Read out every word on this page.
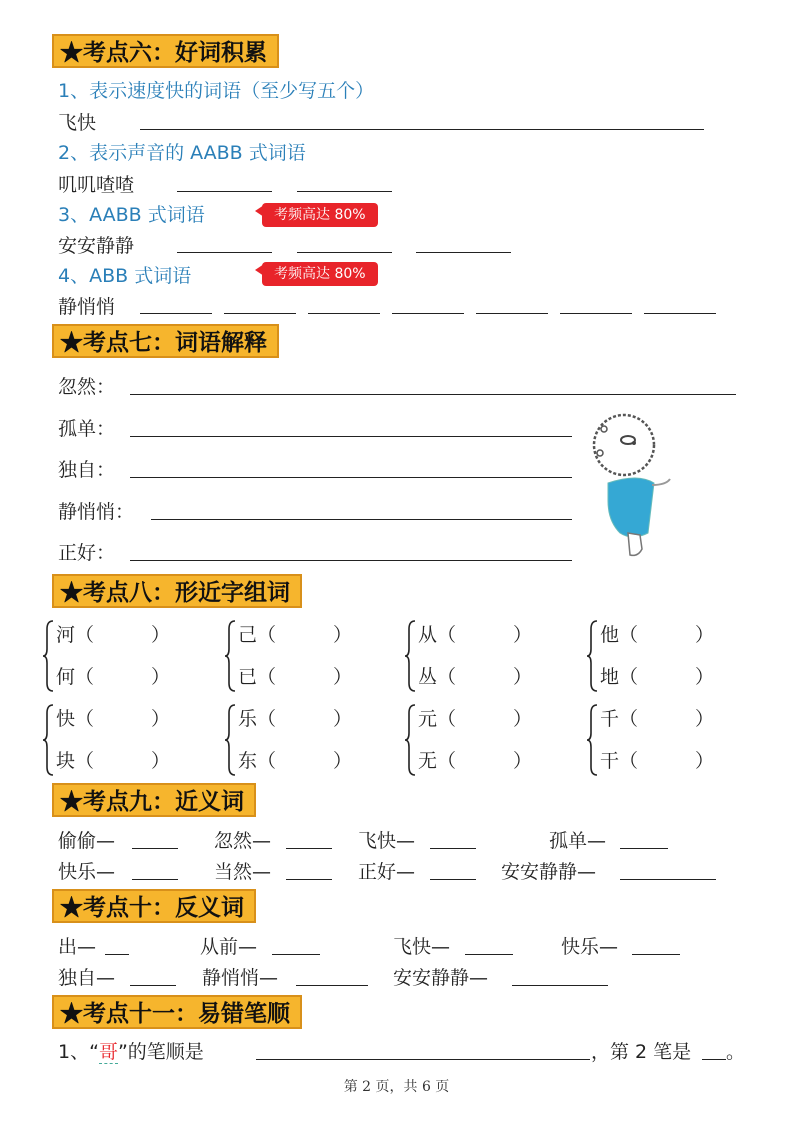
★考点六：好词积累
1、表示速度快的词语（至少写五个）
飞快
2、表示声音的 AABB 式词语
叽叽喳喳
3、AABB 式词语	考频高达 80%
安安静静
4、ABB 式词语	考频高达 80%
静悄悄
★考点七：词语解释
忽然：
孤单：
独自：
静悄悄：
正好：
★考点八：形近字组词
河（　　　）
何（　　　）
己（　　　）
已（　　　）
从（　　　）
丛（　　　）
他（　　　）
地（　　　）
快（　　　）
块（　　　）
乐（　　　）
东（　　　）
元（　　　）
无（　　　）
千（　　　）
干（　　　）
★考点九：近义词
偷偷—	忽然—	飞快—	孤单—
快乐—	当然—	正好—	安安静静—
★考点十：反义词
出—	从前—	飞快—	快乐—
独自—	静悄悄—	安安静静—
★考点十一：易错笔顺
1、“哥”的笔顺是	，第 2 笔是 。
第 2 页，共 6 页
